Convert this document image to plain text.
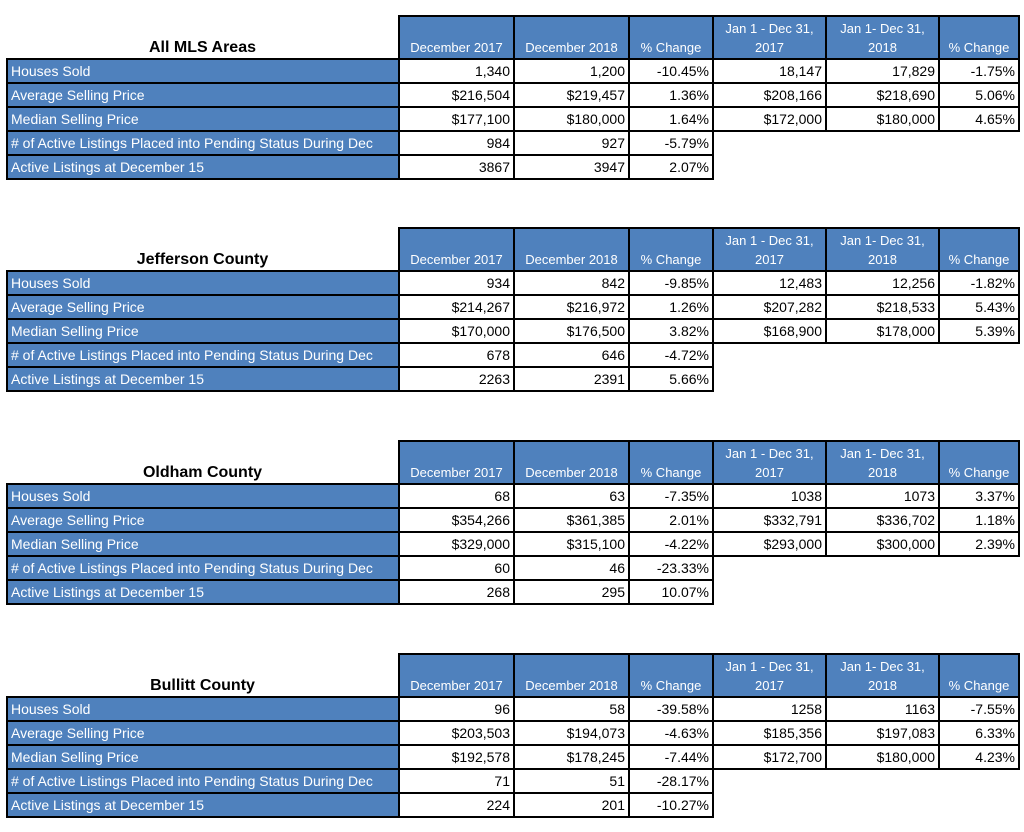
All MLS Areas	December 2017	December 2018	% Change	Jan 1 - Dec 31, 2017	Jan 1- Dec 31, 2018	% Change
Houses Sold	1,340	1,200	-10.45%	18,147	17,829	-1.75%
Average Selling Price	$216,504	$219,457	1.36%	$208,166	$218,690	5.06%
Median Selling Price	$177,100	$180,000	1.64%	$172,000	$180,000	4.65%
# of Active Listings Placed into Pending Status During Dec	984	927	-5.79%			
Active Listings at December 15	3867	3947	2.07%			
Jefferson County	December 2017	December 2018	% Change	Jan 1 - Dec 31, 2017	Jan 1- Dec 31, 2018	% Change
Houses Sold	934	842	-9.85%	12,483	12,256	-1.82%
Average Selling Price	$214,267	$216,972	1.26%	$207,282	$218,533	5.43%
Median Selling Price	$170,000	$176,500	3.82%	$168,900	$178,000	5.39%
# of Active Listings Placed into Pending Status During Dec	678	646	-4.72%			
Active Listings at December 15	2263	2391	5.66%			
Oldham County	December 2017	December 2018	% Change	Jan 1 - Dec 31, 2017	Jan 1- Dec 31, 2018	% Change
Houses Sold	68	63	-7.35%	1038	1073	3.37%
Average Selling Price	$354,266	$361,385	2.01%	$332,791	$336,702	1.18%
Median Selling Price	$329,000	$315,100	-4.22%	$293,000	$300,000	2.39%
# of Active Listings Placed into Pending Status During Dec	60	46	-23.33%			
Active Listings at December 15	268	295	10.07%			
Bullitt County	December 2017	December 2018	% Change	Jan 1 - Dec 31, 2017	Jan 1- Dec 31, 2018	% Change
Houses Sold	96	58	-39.58%	1258	1163	-7.55%
Average Selling Price	$203,503	$194,073	-4.63%	$185,356	$197,083	6.33%
Median Selling Price	$192,578	$178,245	-7.44%	$172,700	$180,000	4.23%
# of Active Listings Placed into Pending Status During Dec	71	51	-28.17%			
Active Listings at December 15	224	201	-10.27%			
